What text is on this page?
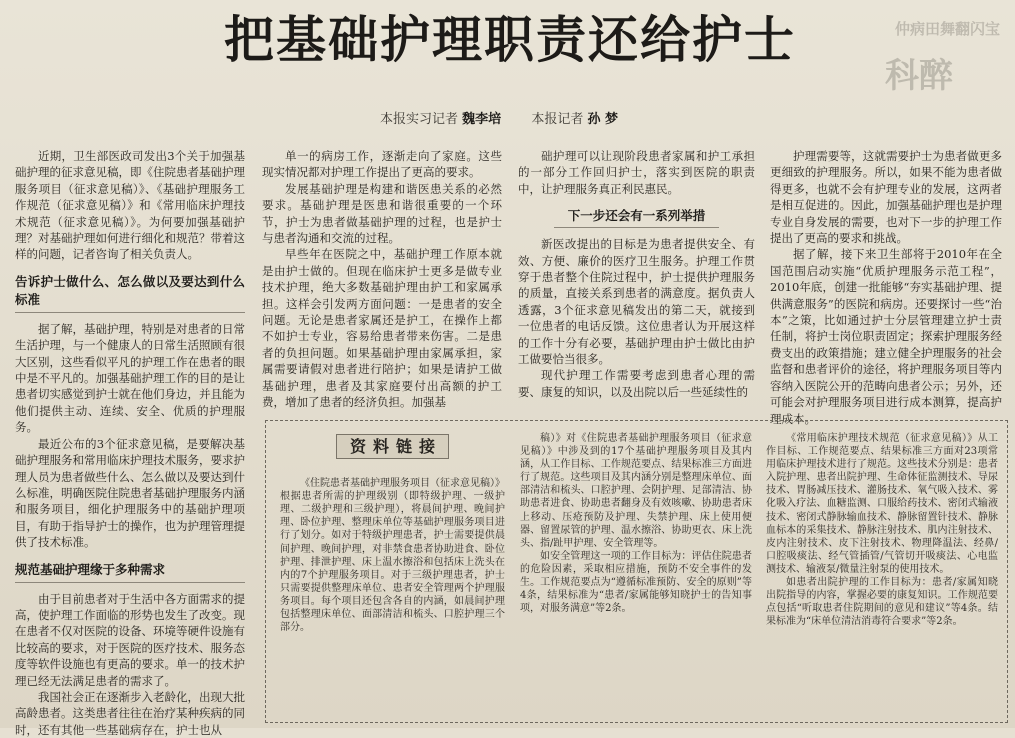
仲病田舞翻闪宝
科醉
把基础护理职责还给护士
本报实习记者 魏李培 本报记者 孙 梦

近期，卫生部医政司发出3个关于加强基础护理的征求意见稿，即《住院患者基础护理服务项目（征求意见稿）》、《基础护理服务工作规范（征求意见稿）》和《常用临床护理技术规范（征求意见稿）》。为何要加强基础护理？对基础护理如何进行细化和规范？带着这样的问题，记者咨询了相关负责人。

告诉护士做什么、怎么做以及要达到什么标准

据了解，基础护理，特别是对患者的日常生活护理，与一个健康人的日常生活照顾有很大区别，这些看似平凡的护理工作在患者的眼中是不平凡的。加强基础护理工作的目的是让患者切实感觉到护士就在他们身边，并且能为他们提供主动、连续、安全、优质的护理服务。

最近公布的3个征求意见稿，是要解决基础护理服务和常用临床护理技术服务，要求护理人员为患者做些什么、怎么做以及要达到什么标准，明确医院住院患者基础护理服务内涵和服务项目，细化护理服务中的基础护理项目，有助于指导护士的操作，也为护理管理提供了技术标准。

规范基础护理缘于多种需求

由于目前患者对于生活中各方面需求的提高，使护理工作面临的形势也发生了改变。现在患者不仅对医院的设备、环境等硬件设施有比较高的要求，对于医院的医疗技术、服务态度等软件设施也有更高的要求。单一的技术护理已经无法满足患者的需求了。

我国社会正在逐渐步入老龄化，出现大批高龄患者。这类患者往往在治疗某种疾病的同时，还有其他一些基础病存在，护士也从

单一的病房工作，逐渐走向了家庭。这些现实情况都对护理工作提出了更高的要求。

发展基础护理是构建和谐医患关系的必然要求。基础护理是医患和谐很重要的一个环节，护士为患者做基础护理的过程，也是护士与患者沟通和交流的过程。

早些年在医院之中，基础护理工作原本就是由护士做的。但现在临床护士更多是做专业技术护理，绝大多数基础护理由护工和家属承担。这样会引发两方面问题：一是患者的安全问题。无论是患者家属还是护工，在操作上都不如护士专业，容易给患者带来伤害。二是患者的负担问题。如果基础护理由家属承担，家属需要请假对患者进行陪护；如果是请护工做基础护理，患者及其家庭要付出高额的护工费，增加了患者的经济负担。加强基

础护理可以让现阶段患者家属和护工承担的一部分工作回归护士，落实到医院的职责中，让护理服务真正利民惠民。

下一步还会有一系列举措

新医改提出的目标是为患者提供安全、有效、方便、廉价的医疗卫生服务。护理工作贯穿于患者整个住院过程中，护士提供护理服务的质量，直接关系到患者的满意度。据负责人透露，3个征求意见稿发出的第二天，就接到一位患者的电话反馈。这位患者认为开展这样的工作十分有必要，基础护理由护士做比由护工做要恰当很多。

现代护理工作需要考虑到患者心理的需要、康复的知识，以及出院以后一些延续性的

护理需要等，这就需要护士为患者做更多更细致的护理服务。所以，如果不能为患者做得更多，也就不会有护理专业的发展，这两者是相互促进的。因此，加强基础护理也是护理专业自身发展的需要，也对下一步的护理工作提出了更高的要求和挑战。

据了解，接下来卫生部将于2010年在全国范围启动实施“优质护理服务示范工程”，2010年底，创建一批能够“夯实基础护理、提供满意服务”的医院和病房。还要探讨一些“治本”之策，比如通过护士分层管理建立护士责任制，将护士岗位职责固定；探索护理服务经费支出的政策措施；建立健全护理服务的社会监督和患者评价的途径，将护理服务项目等内容纳入医院公开的范畴向患者公示；另外，还可能会对护理服务项目进行成本测算，提高护理成本。

资料链接

《住院患者基础护理服务项目（征求意见稿）》根据患者所需的护理级别（即特级护理、一级护理、二级护理和三级护理），将晨间护理、晚间护理、卧位护理、整理床单位等基础护理服务项目进行了划分。如对于特级护理患者，护士需要提供晨间护理、晚间护理，对非禁食患者协助进食、卧位护理、排泄护理、床上温水擦浴和包括床上洗头在内的7个护理服务项目。对于三级护理患者，护士只需要提供整理床单位、患者安全管理两个护理服务项目。每个项目还包含各自的内涵，如晨间护理包括整理床单位、面部清洁和梳头、口腔护理三个部分。

稿）》对《住院患者基础护理服务项目（征求意见稿）》中涉及到的17个基础护理服务项目及其内涵，从工作目标、工作规范要点、结果标准三方面进行了规范。这些项目及其内涵分别是整理床单位、面部清洁和梳头、口腔护理、会阴护理、足部清洁、协助患者进食、协助患者翻身及有效咳嗽、协助患者床上移动、压疮预防及护理、失禁护理、床上使用便器、留置尿管的护理、温水擦浴、协助更衣、床上洗头、指/趾甲护理、安全管理等。

如安全管理这一项的工作目标为：评估住院患者的危险因素，采取相应措施，预防不安全事件的发生。工作规范要点为“遵循标准预防、安全的原则”等4条，结果标准为“患者/家属能够知晓护士的告知事项，对服务满意”等2条。

《常用临床护理技术规范（征求意见稿）》从工作目标、工作规范要点、结果标准三方面对23项常用临床护理技术进行了规范。这些技术分别是：患者入院护理、患者出院护理、生命体征监测技术、导尿技术、胃肠减压技术、灌肠技术、氧气吸入技术、雾化吸入疗法、血糖监测、口服给药技术、密闭式输液技术、密闭式静脉输血技术、静脉留置针技术、静脉血标本的采集技术、静脉注射技术、肌内注射技术、皮内注射技术、皮下注射技术、物理降温法、经鼻/口腔吸痰法、经气管插管/气管切开吸痰法、心电监测技术、输液泵/微量注射泵的使用技术。

如患者出院护理的工作目标为：患者/家属知晓出院指导的内容，掌握必要的康复知识。工作规范要点包括“听取患者住院期间的意见和建议”等4条。结果标准为“床单位清洁消毒符合要求”等2条。
